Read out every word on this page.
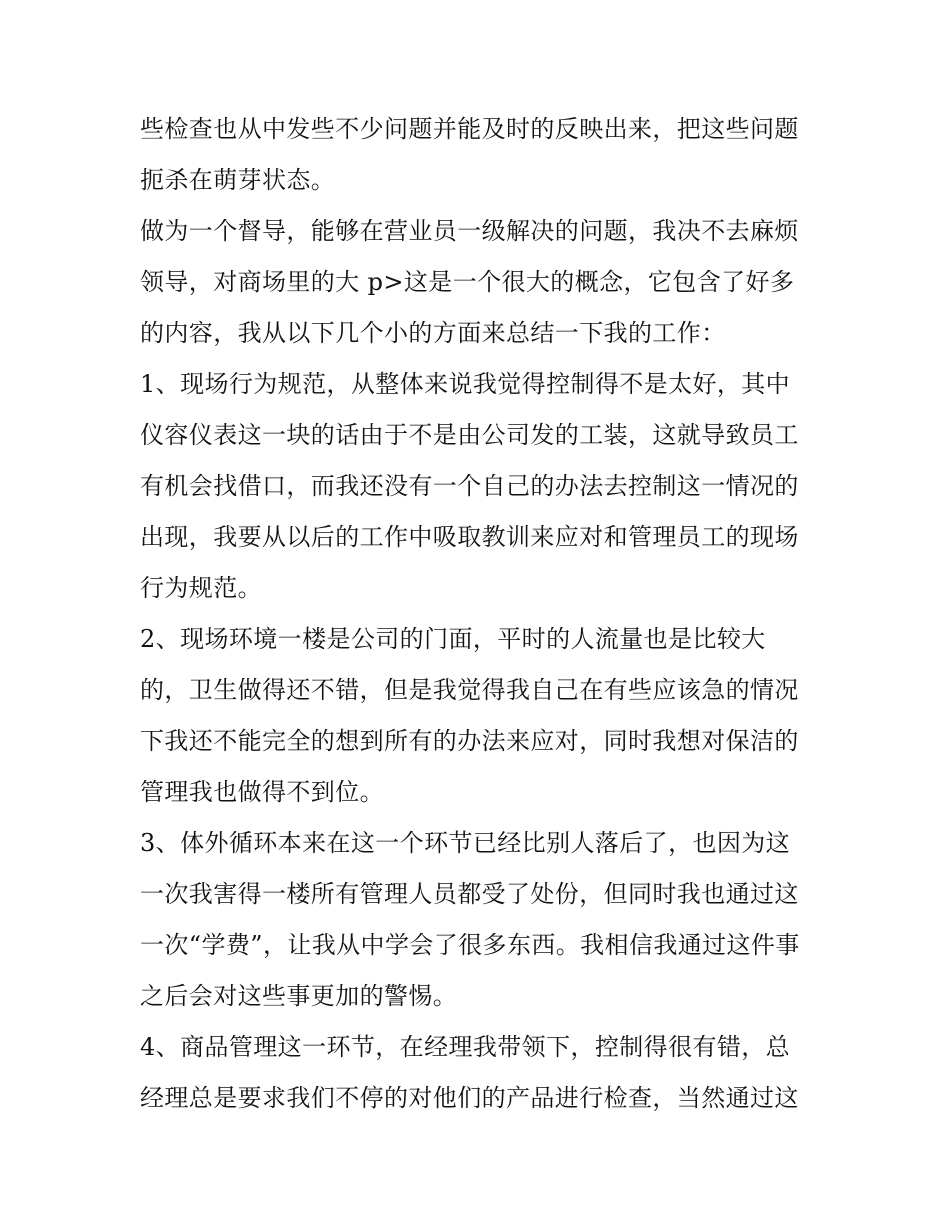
些检查也从中发些不少问题并能及时的反映出来，把这些问题
扼杀在萌芽状态。
做为一个督导，能够在营业员一级解决的问题，我决不去麻烦
领导，对商场里的大 p>这是一个很大的概念，它包含了好多
的内容，我从以下几个小的方面来总结一下我的工作：
1、现场行为规范，从整体来说我觉得控制得不是太好，其中
仪容仪表这一块的话由于不是由公司发的工装，这就导致员工
有机会找借口，而我还没有一个自己的办法去控制这一情况的
出现，我要从以后的工作中吸取教训来应对和管理员工的现场
行为规范。
2、现场环境一楼是公司的门面，平时的人流量也是比较大
的，卫生做得还不错，但是我觉得我自己在有些应该急的情况
下我还不能完全的想到所有的办法来应对，同时我想对保洁的
管理我也做得不到位。
3、体外循环本来在这一个环节已经比别人落后了，也因为这
一次我害得一楼所有管理人员都受了处份，但同时我也通过这
一次“学费”，让我从中学会了很多东西。我相信我通过这件事
之后会对这些事更加的警惕。
4、商品管理这一环节，在经理我带领下，控制得很有错，总
经理总是要求我们不停的对他们的产品进行检查，当然通过这
